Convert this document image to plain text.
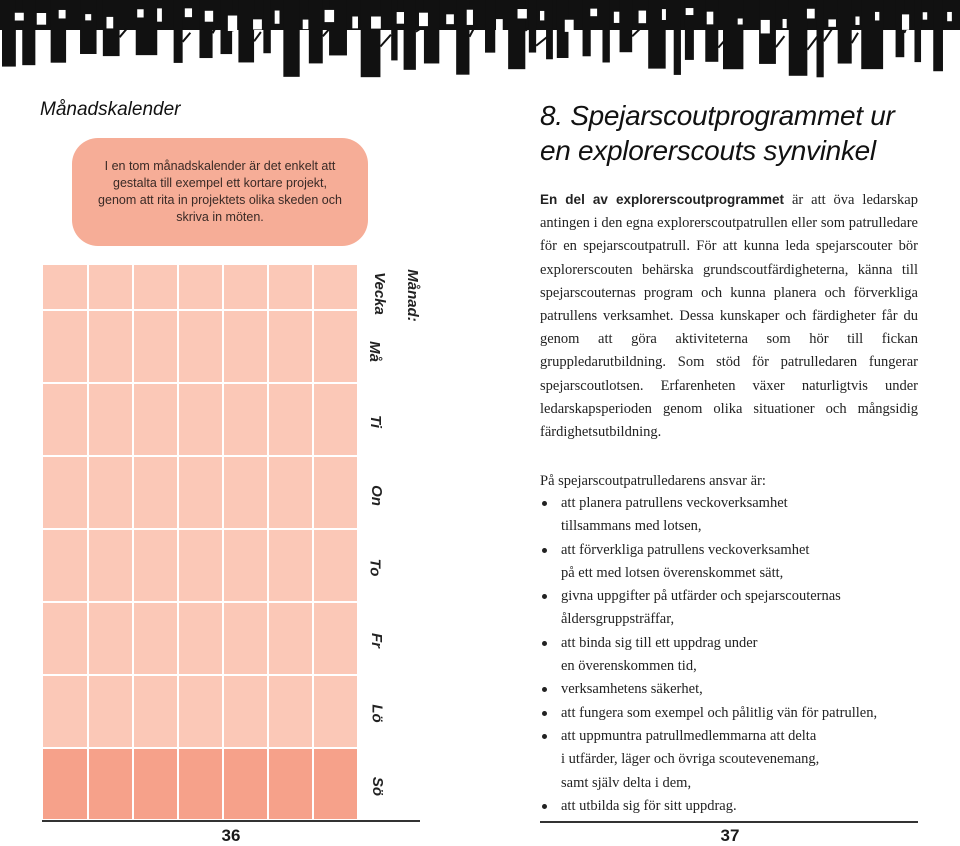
Månadskalender
I en tom månadskalender är det enkelt att gestalta till exempel ett kortare projekt, genom att rita in projektets olika skeden och skriva in möten.
Månad:
Vecka
Må
Ti
On
To
Fr
Lö
Sö
36
8. Spejarscoutprogrammet ur
en explorerscouts synvinkel

En del av explorerscoutprogrammet är att öva ledarskap antingen i den egna explorerscoutpatrullen eller som patrulledare för en spejarscoutpatrull. För att kunna leda spejarscouter bör explorerscouten behärska grundscoutfärdigheterna, känna till spejarscouternas program och kunna planera och förverkliga patrullens verksamhet. Dessa kunskaper och färdigheter får du genom att göra aktiviteterna som hör till fickan gruppledarutbildning. Som stöd för patrulledaren fungerar spejarscoutlotsen. Erfarenheten växer naturligtvis under ledarskapsperioden genom olika situationer och mångsidig färdighetsutbildning.

På spejarscoutpatrulledarens ansvar är:

att planera patrullens veckoverksamhet
tillsammans med lotsen,
att förverkliga patrullens veckoverksamhet
på ett med lotsen överenskommet sätt,
givna uppgifter på utfärder och spejarscouternas
åldersgruppsträffar,
att binda sig till ett uppdrag under
en överenskommen tid,
verksamhetens säkerhet,
att fungera som exempel och pålitlig vän för patrullen,
att uppmuntra patrullmedlemmarna att delta
i utfärder, läger och övriga scoutevenemang,
samt själv delta i dem,
att utbilda sig för sitt uppdrag.
37
